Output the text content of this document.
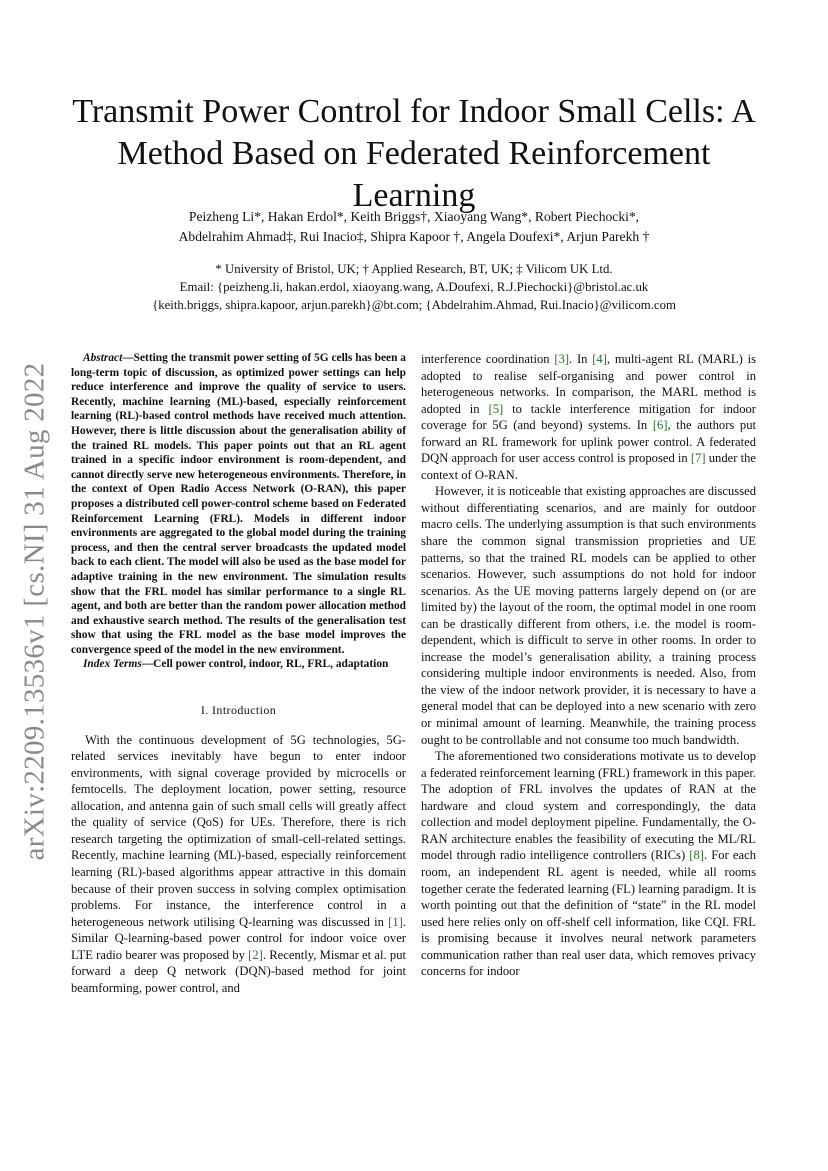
arXiv:2209.13536v1 [cs.NI] 31 Aug 2022
Transmit Power Control for Indoor Small Cells: A Method Based on Federated Reinforcement Learning
Peizheng Li*, Hakan Erdol*, Keith Briggs†, Xiaoyang Wang*, Robert Piechocki*,
Abdelrahim Ahmad‡, Rui Inacio‡, Shipra Kapoor †, Angela Doufexi*, Arjun Parekh †
* University of Bristol, UK; † Applied Research, BT, UK; ‡ Vilicom UK Ltd.
Email: {peizheng.li, hakan.erdol, xiaoyang.wang, A.Doufexi, R.J.Piechocki}@bristol.ac.uk
{keith.briggs, shipra.kapoor, arjun.parekh}@bt.com; {Abdelrahim.Ahmad, Rui.Inacio}@vilicom.com

Abstract—Setting the transmit power setting of 5G cells has been a long-term topic of discussion, as optimized power settings can help reduce interference and improve the quality of service to users. Recently, machine learning (ML)-based, especially reinforcement learning (RL)-based control methods have received much attention. However, there is little discussion about the generalisation ability of the trained RL models. This paper points out that an RL agent trained in a specific indoor environment is room-dependent, and cannot directly serve new heterogeneous environments. Therefore, in the context of Open Radio Access Network (O-RAN), this paper proposes a distributed cell power-control scheme based on Federated Reinforcement Learning (FRL). Models in different indoor environments are aggregated to the global model during the training process, and then the central server broadcasts the updated model back to each client. The model will also be used as the base model for adaptive training in the new environment. The simulation results show that the FRL model has similar performance to a single RL agent, and both are better than the random power allocation method and exhaustive search method. The results of the generalisation test show that using the FRL model as the base model improves the convergence speed of the model in the new environment.

Index Terms—Cell power control, indoor, RL, FRL, adaptation

I. Introduction

With the continuous development of 5G technologies, 5G-related services inevitably have begun to enter indoor environments, with signal coverage provided by microcells or femtocells. The deployment location, power setting, resource allocation, and antenna gain of such small cells will greatly affect the quality of service (QoS) for UEs. Therefore, there is rich research targeting the optimization of small-cell-related settings. Recently, machine learning (ML)-based, especially reinforcement learning (RL)-based algorithms appear attractive in this domain because of their proven success in solving complex optimisation problems. For instance, the interference control in a heterogeneous network utilising Q-learning was discussed in [1]. Similar Q-learning-based power control for indoor voice over LTE radio bearer was proposed by [2]. Recently, Mismar et al. put forward a deep Q network (DQN)-based method for joint beamforming, power control, and

interference coordination [3]. In [4], multi-agent RL (MARL) is adopted to realise self-organising and power control in heterogeneous networks. In comparison, the MARL method is adopted in [5] to tackle interference mitigation for indoor coverage for 5G (and beyond) systems. In [6], the authors put forward an RL framework for uplink power control. A federated DQN approach for user access control is proposed in [7] under the context of O-RAN.

However, it is noticeable that existing approaches are discussed without differentiating scenarios, and are mainly for outdoor macro cells. The underlying assumption is that such environments share the common signal transmission proprieties and UE patterns, so that the trained RL models can be applied to other scenarios. However, such assumptions do not hold for indoor scenarios. As the UE moving patterns largely depend on (or are limited by) the layout of the room, the optimal model in one room can be drastically different from others, i.e. the model is room-dependent, which is difficult to serve in other rooms. In order to increase the model’s generalisation ability, a training process considering multiple indoor environments is needed. Also, from the view of the indoor network provider, it is necessary to have a general model that can be deployed into a new scenario with zero or minimal amount of learning. Meanwhile, the training process ought to be controllable and not consume too much bandwidth.

The aforementioned two considerations motivate us to develop a federated reinforcement learning (FRL) framework in this paper. The adoption of FRL involves the updates of RAN at the hardware and cloud system and correspondingly, the data collection and model deployment pipeline. Fundamentally, the O-RAN architecture enables the feasibility of executing the ML/RL model through radio intelligence controllers (RICs) [8]. For each room, an independent RL agent is needed, while all rooms together cerate the federated learning (FL) learning paradigm. It is worth pointing out that the definition of “state” in the RL model used here relies only on off-shelf cell information, like CQI. FRL is promising because it involves neural network parameters communication rather than real user data, which removes privacy concerns for indoor
